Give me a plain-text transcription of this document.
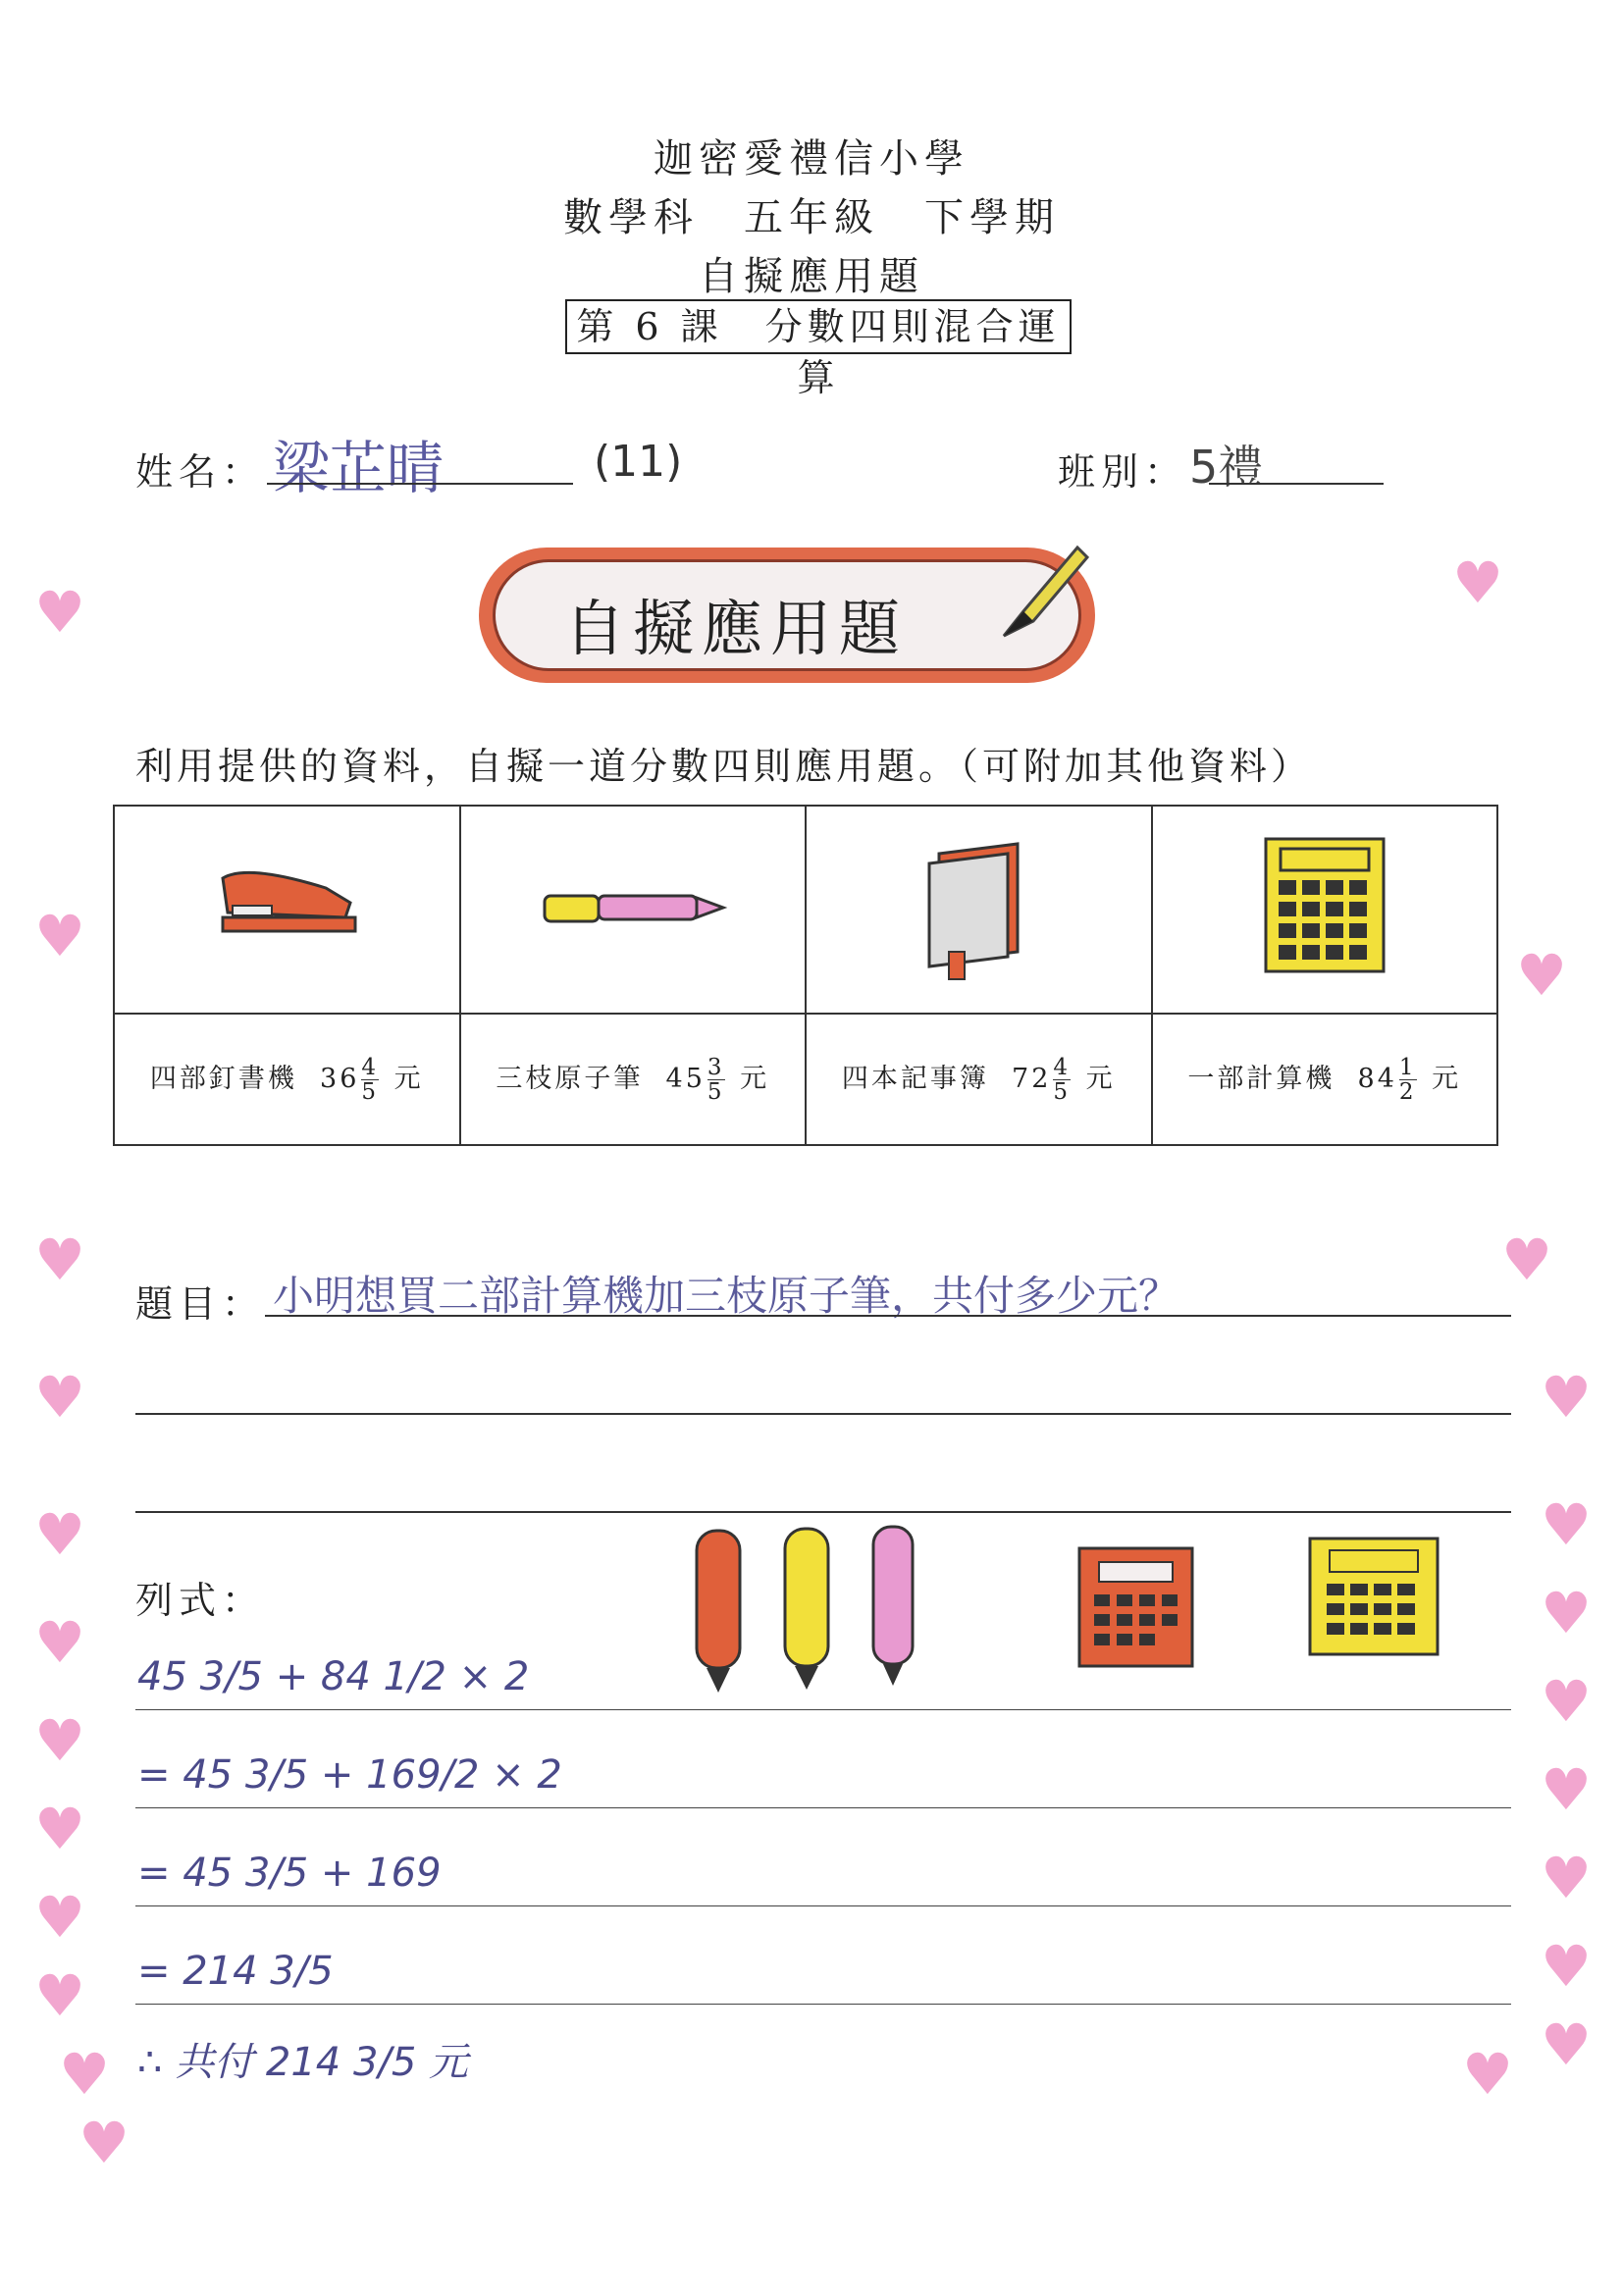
迦密愛禮信小學
數學科　五年級　下學期
自擬應用題
第 6 課　分數四則混合運算
姓名： 梁芷晴	(11)	班別： 5禮
自擬應用題
利用提供的資料，自擬一道分數四則應用題。（可附加其他資料）

四部釘書機 $36 \frac{4}{5}$ 元	三枝原子筆 $45 \frac{3}{5}$ 元	四本記事簿 $72 \frac{4}{5}$ 元	一部計算機 $84 \frac{1}{2}$ 元
題目： 小明想買二部計算機加三枝原子筆，共付多少元？
列式：
45 3/5 + 84 1/2 × 2
= 45 3/5 + 169/2 × 2
= 45 3/5 + 169
= 214 3/5
∴ 共付 214 3/5 元
♥
♥
♥
♥
♥
♥
♥
♥
♥
♥
♥
♥
♥
♥
♥
♥
♥
♥
♥
♥
♥
♥
♥
♥
